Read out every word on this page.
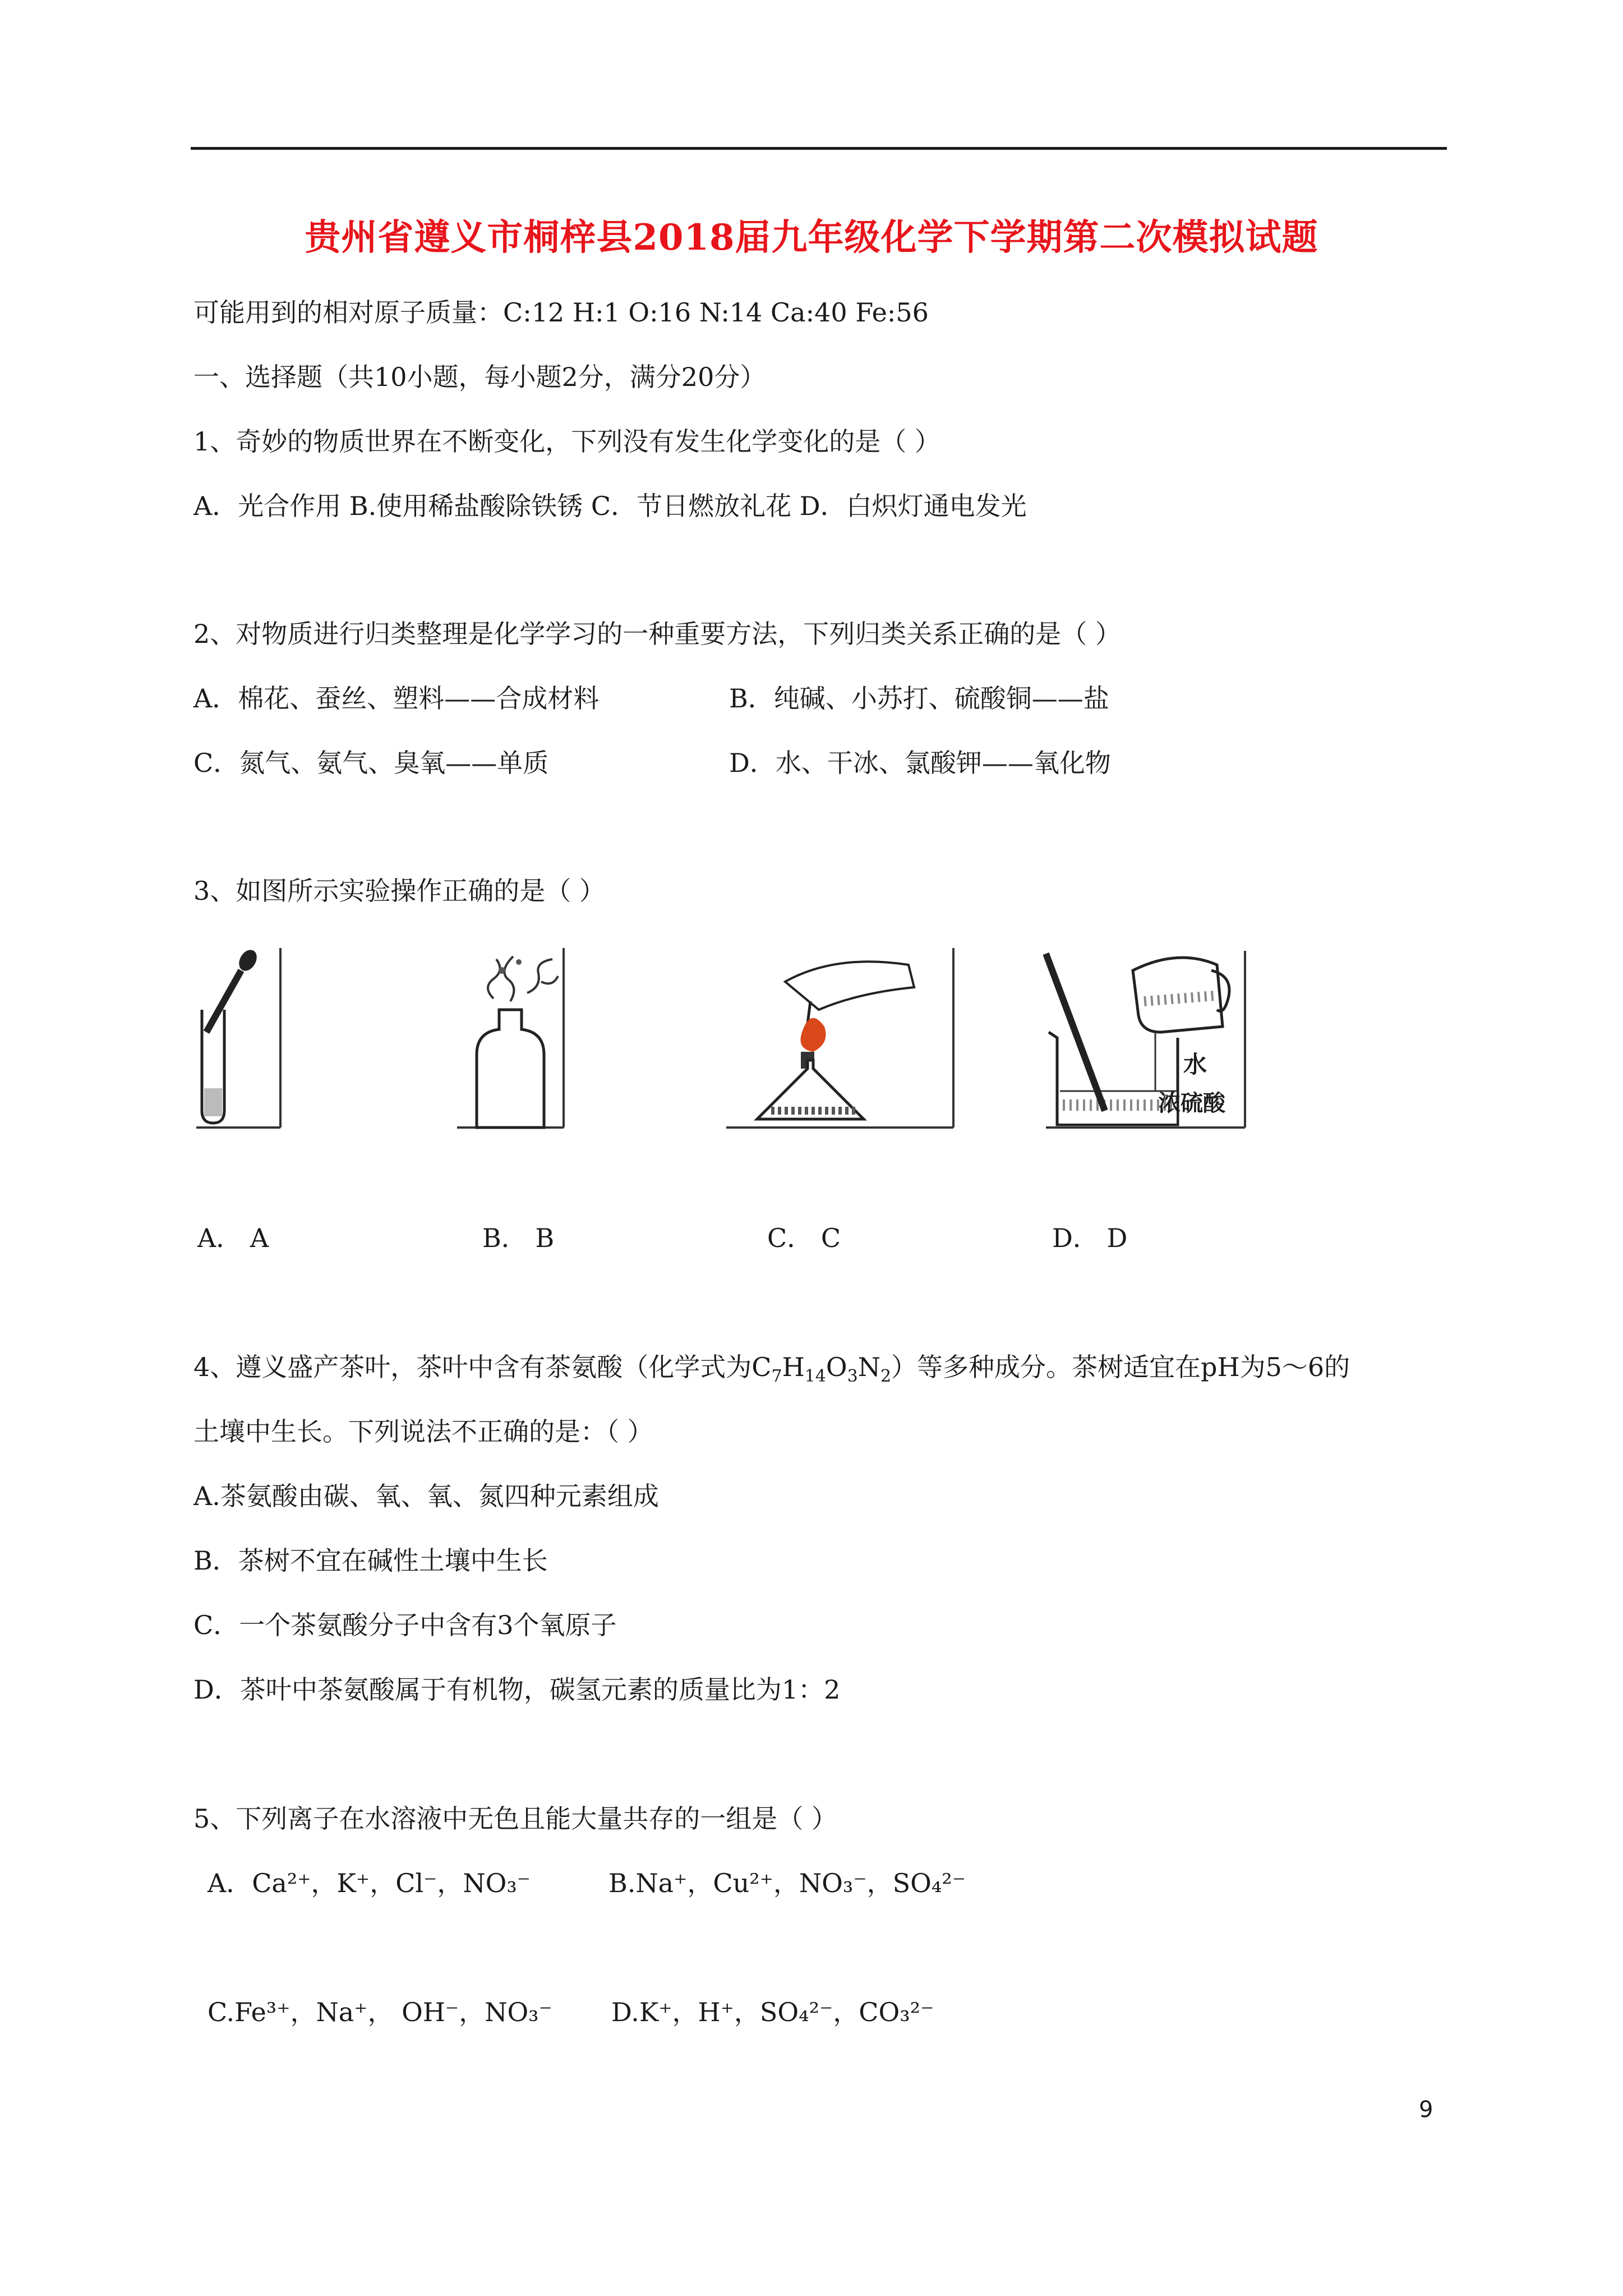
贵州省遵义市桐梓县2018届九年级化学下学期第二次模拟试题
可能用到的相对原子质量：C:12 H:1 O:16 N:14 Ca:40 Fe:56
一、选择题（共10小题，每小题2分，满分20分）
1、奇妙的物质世界在不断变化，下列没有发生化学变化的是（ ）
A．光合作用 B.使用稀盐酸除铁锈 C．节日燃放礼花 D．白炽灯通电发光
2、对物质进行归类整理是化学学习的一种重要方法，下列归类关系正确的是（ ）
A．棉花、蚕丝、塑料——合成材料	B．纯碱、小苏打、硫酸铜——盐
C．氮气、氨气、臭氧——单质	D．水、干冰、氯酸钾——氧化物
3、如图所示实验操作正确的是（ ）
水
浓硫酸
A． A	B． B	C． C	D． D
4、遵义盛产茶叶，茶叶中含有茶氨酸（化学式为$C_7H_{14}O_3N_2$）等多种成分。茶树适宜在pH为5～6的
土壤中生长。下列说法不正确的是：（ ）
A.茶氨酸由碳、氧、氧、氮四种元素组成
B．茶树不宜在碱性土壤中生长
C．一个茶氨酸分子中含有3个氧原子
D．茶叶中茶氨酸属于有机物，碳氢元素的质量比为1：2
5、下列离子在水溶液中无色且能大量共存的一组是（ ）
A．Ca²⁺，K⁺，Cl⁻，NO₃⁻	B.Na⁺，Cu²⁺，NO₃⁻，SO₄²⁻
C.Fe³⁺，Na⁺， OH⁻，NO₃⁻ D.K⁺，H⁺，SO₄²⁻，CO₃²⁻
9
